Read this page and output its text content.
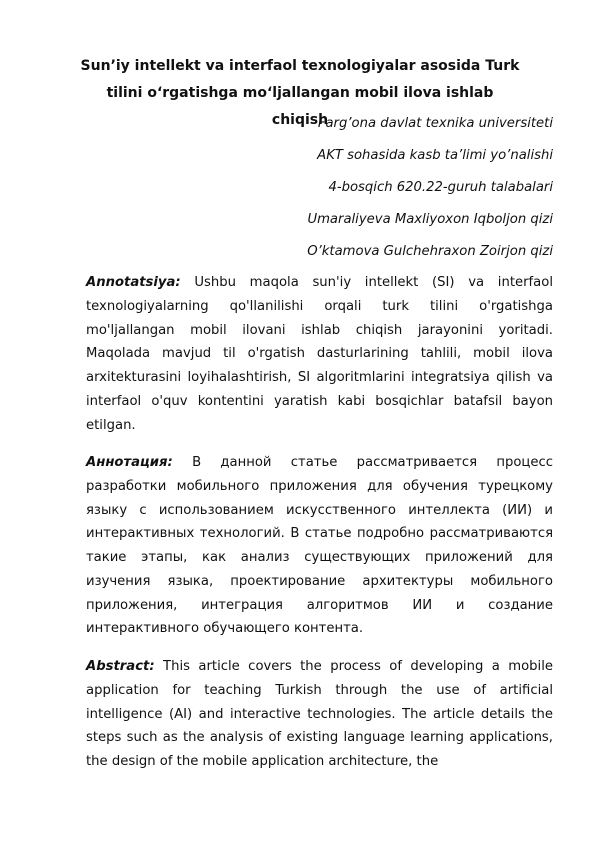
Sun’iy intellekt va interfaol texnologiyalar asosida Turk
tilini o‘rgatishga mo‘ljallangan mobil ilova ishlab chiqish

Farg’ona davlat texnika universiteti

AKT sohasida kasb ta’limi yo’nalishi

4-bosqich 620.22-guruh talabalari

Umaraliyeva Maxliyoxon Iqboljon qizi

O’ktamova Gulchehraxon Zoirjon qizi

Annotatsiya: Ushbu maqola sun'iy intellekt (SI) va interfaol texnologiyalarning qo'llanilishi orqali turk tilini o'rgatishga mo'ljallangan mobil ilovani ishlab chiqish jarayonini yoritadi. Maqolada mavjud til o'rgatish dasturlarining tahlili, mobil ilova arxitekturasini loyihalashtirish, SI algoritmlarini integratsiya qilish va interfaol o'quv kontentini yaratish kabi bosqichlar batafsil bayon etilgan.

Аннотация: В данной статье рассматривается процесс разработки мобильного приложения для обучения турецкому языку с использованием искусственного интеллекта (ИИ) и интерактивных технологий. В статье подробно рассматриваются такие этапы, как анализ существующих приложений для изучения языка, проектирование архитектуры мобильного приложения, интеграция алгоритмов ИИ и создание интерактивного обучающего контента.

Abstract: This article covers the process of developing a mobile application for teaching Turkish through the use of artificial intelligence (AI) and interactive technologies. The article details the steps such as the analysis of existing language learning applications, the design of the mobile application architecture, the
